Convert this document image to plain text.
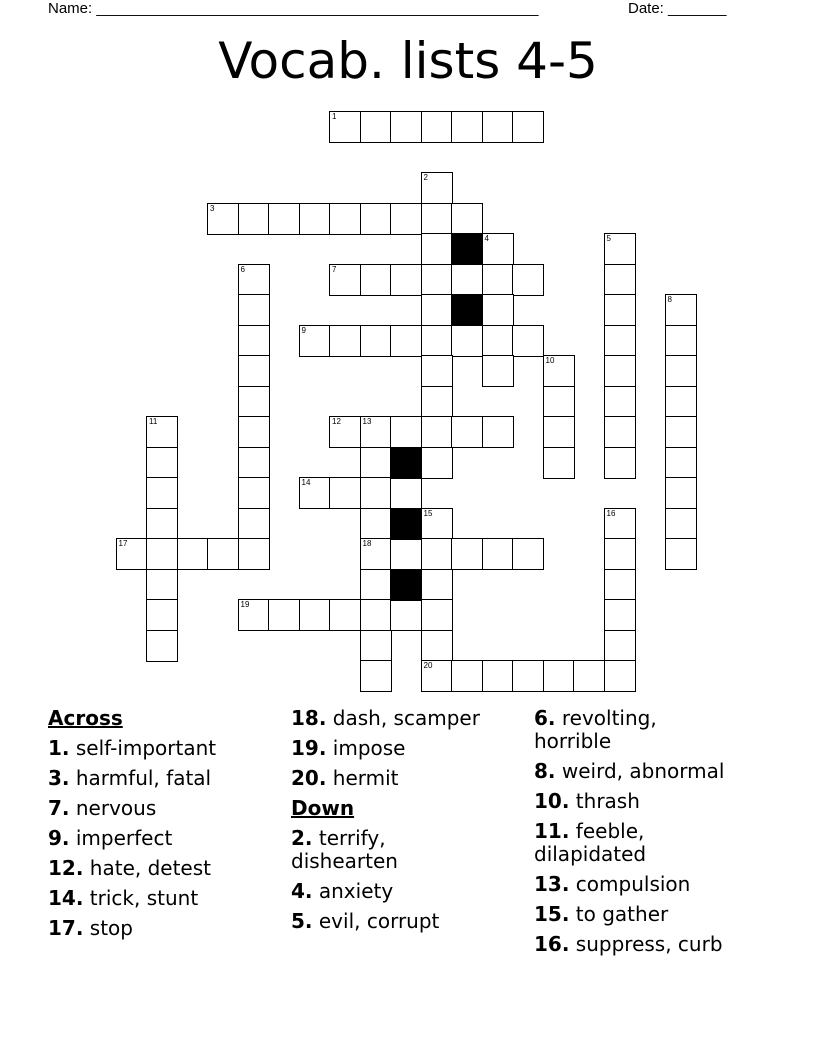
Name: _____________________________________________________	Date: _______
Vocab. lists 4-5
1
2
3
4	5
6	7
8
9
10
11	12	13
14
15	16
17	18
19
20
Across
1. self-important
3. harmful, fatal
7. nervous
9. imperfect
12. hate, detest
14. trick, stunt
17. stop
18. dash, scamper
19. impose
20. hermit
Down
2. terrify,
dishearten
4. anxiety
5. evil, corrupt
6. revolting,
horrible
8. weird, abnormal
10. thrash
11. feeble,
dilapidated
13. compulsion
15. to gather
16. suppress, curb
